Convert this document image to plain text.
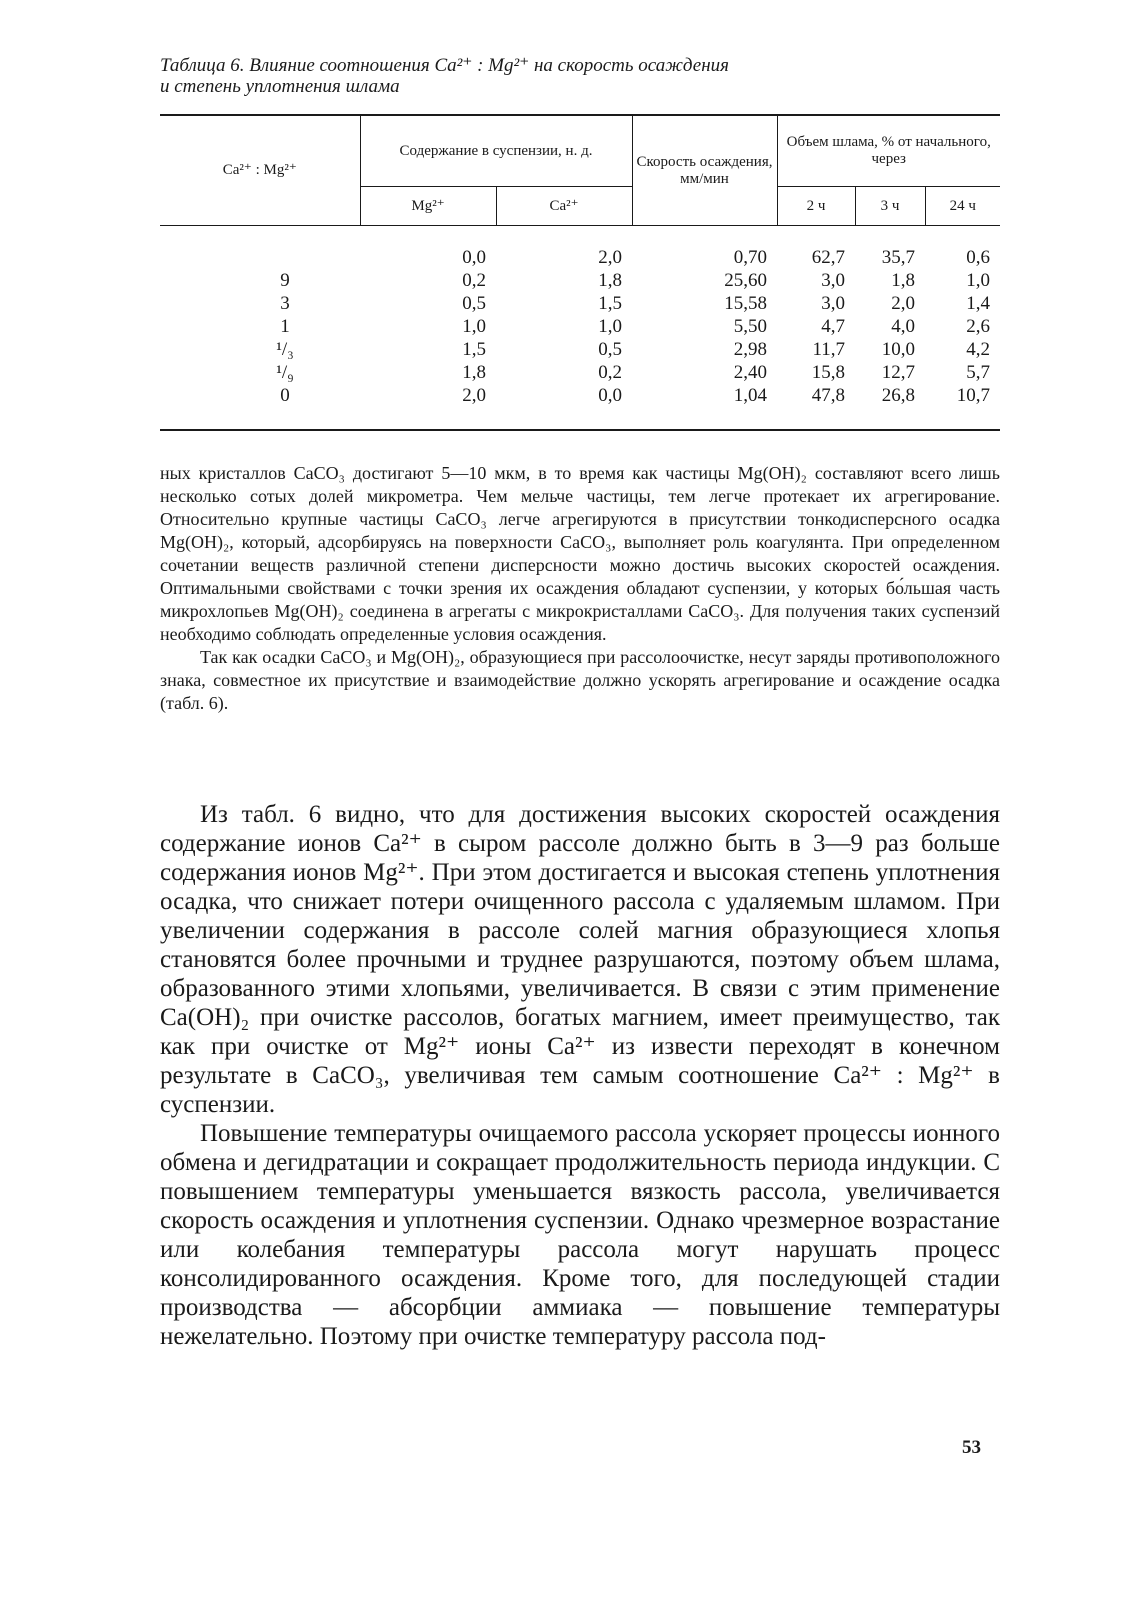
Таблица 6. Влияние соотношения Ca²⁺ : Mg²⁺ на скорость осаждения
и степень уплотнения шлама
Ca²⁺ : Mg²⁺	Содержание в суспензии, н. д.		Скорость осаждения, мм/мин	Объем шлама, % от начального, через		
	Mg²⁺	Ca²⁺		2 ч	3 ч	24 ч
	0,0	2,0	0,70	62,7	35,7	0,6
9	0,2	1,8	25,60	3,0	1,8	1,0
3	0,5	1,5	15,58	3,0	2,0	1,4
1	1,0	1,0	5,50	4,7	4,0	2,6
¹/₃	1,5	0,5	2,98	11,7	10,0	4,2
¹/₉	1,8	0,2	2,40	15,8	12,7	5,7
0	2,0	0,0	1,04	47,8	26,8	10,7

ных кристаллов CaCO₃ достигают 5—10 мкм, в то время как частицы Mg(OH)₂ составляют всего лишь несколько сотых долей микрометра. Чем мельче частицы, тем легче протекает их агрегирование. Относительно крупные частицы CaCO₃ легче агрегируются в присутствии тонкодисперсного осадка Mg(OH)₂, который, адсорбируясь на поверхности CaCO₃, выполняет роль коагулянта. При определенном сочетании веществ различной степени дисперсности можно достичь высоких скоростей осаждения. Оптимальными свойствами с точки зрения их осаждения обладают суспензии, у которых бо́льшая часть микрохлопьев Mg(OH)₂ соединена в агрегаты с микрокристаллами CaCO₃. Для получения таких суспензий необходимо соблюдать определенные условия осаждения.

Так как осадки CaCO₃ и Mg(OH)₂, образующиеся при рассолоочистке, несут заряды противоположного знака, совместное их присутствие и взаимодействие должно ускорять агрегирование и осаждение осадка (табл. 6).

Из табл. 6 видно, что для достижения высоких скоростей осаждения содержание ионов Ca²⁺ в сыром рассоле должно быть в 3—9 раз больше содержания ионов Mg²⁺. При этом достигается и высокая степень уплотнения осадка, что снижает потери очищенного рассола с удаляемым шламом. При увеличении содержания в рассоле солей магния образующиеся хлопья становятся более прочными и труднее разрушаются, поэтому объем шлама, образованного этими хлопьями, увеличивается. В связи с этим применение Ca(OH)₂ при очистке рассолов, богатых магнием, имеет преимущество, так как при очистке от Mg²⁺ ионы Ca²⁺ из извести переходят в конечном результате в CaCO₃, увеличивая тем самым соотношение Ca²⁺ : Mg²⁺ в суспензии.

Повышение температуры очищаемого рассола ускоряет процессы ионного обмена и дегидратации и сокращает продолжительность периода индукции. С повышением температуры уменьшается вязкость рассола, увеличивается скорость осаждения и уплотнения суспензии. Однако чрезмерное возрастание или колебания температуры рассола могут нарушать процесс консолидированного осаждения. Кроме того, для последующей стадии производства — абсорбции аммиака — повышение температуры нежелательно. Поэтому при очистке температуру рассола под-

53
